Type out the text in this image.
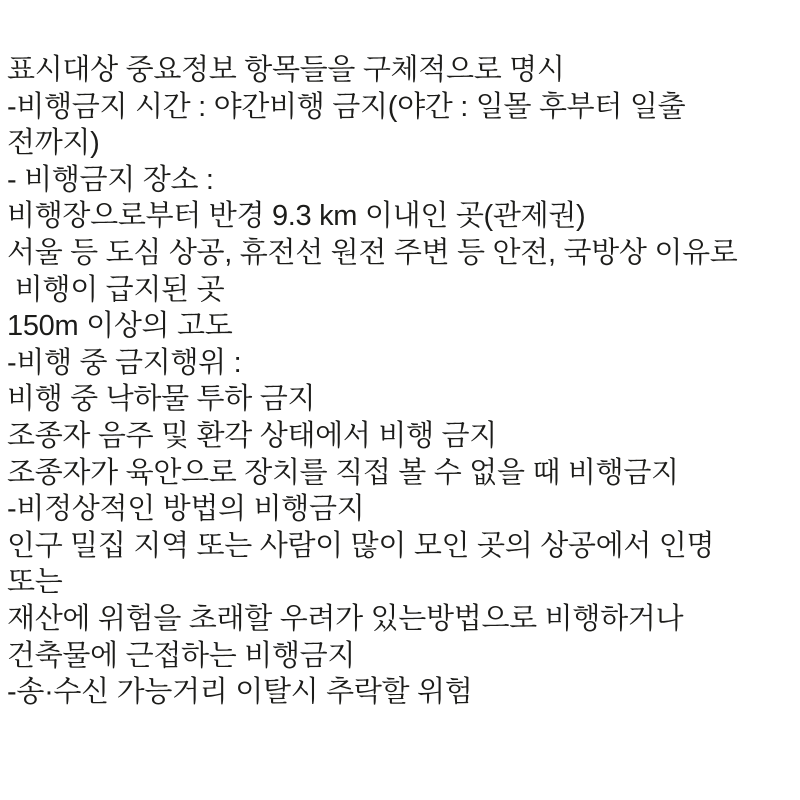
표시대상 중요정보 항목들을 구체적으로 명시
-비행금지 시간 : 야간비행 금지(야간 : 일몰 후부터 일출
전까지)
- 비행금지 장소 :
비행장으로부터 반경 9.3 km 이내인 곳(관제권)
서울 등 도심 상공, 휴전선 원전 주변 등 안전, 국방상 이유로
비행이 급지된 곳
150m 이상의 고도
-비행 중 금지행위 :
비행 중 낙하물 투하 금지
조종자 음주 및 환각 상태에서 비행 금지
조종자가 육안으로 장치를 직접 볼 수 없을 때 비행금지
-비정상적인 방법의 비행금지
인구 밀집 지역 또는 사람이 많이 모인 곳의 상공에서 인명
또는
재산에 위험을 초래할 우려가 있는방법으로 비행하거나
건축물에 근접하는 비행금지
-송·수신 가능거리 이탈시 추락할 위험
